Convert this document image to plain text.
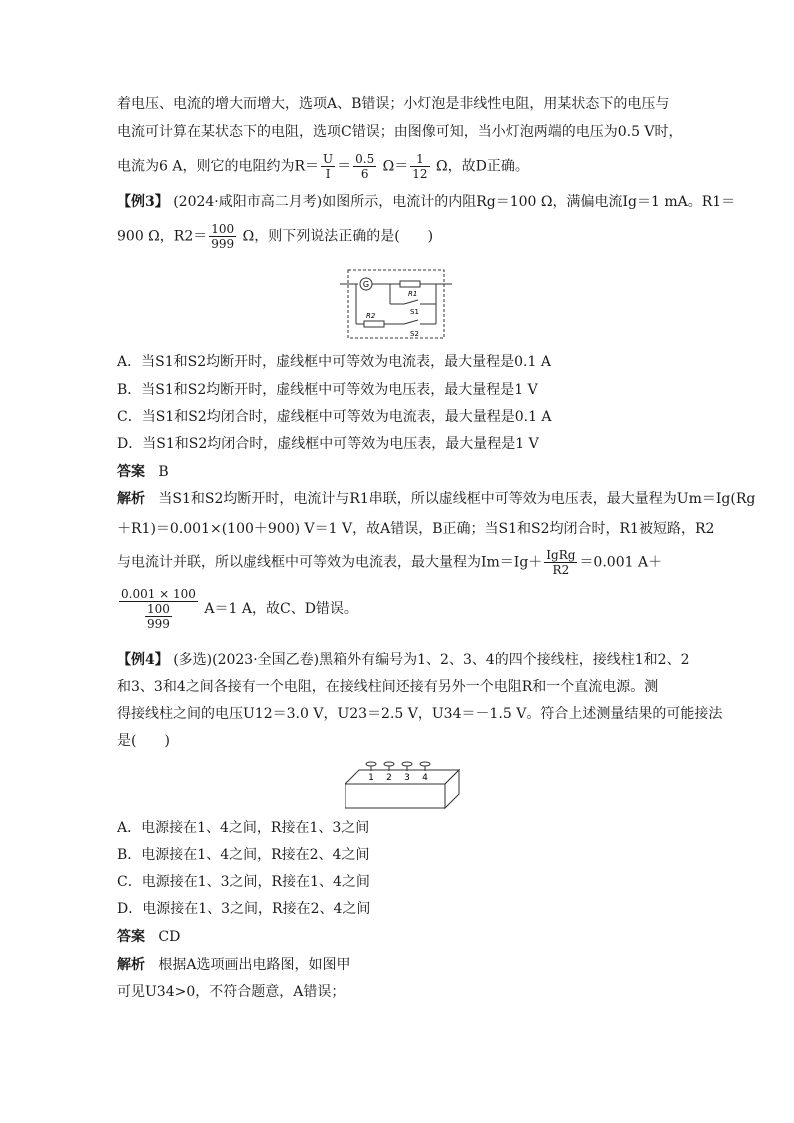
着电压、电流的增大而增大，选项A、B错误；小灯泡是非线性电阻，用某状态下的电压与
电流可计算在某状态下的电阻，选项C错误；由图像可知，当小灯泡两端的电压为0.5 V时，
电流为6 A，则它的电阻约为$R= \frac{U}{I} = \frac{0.5}{6} \Omega= \frac{1}{12}$ Ω，故D正确。
【例3】 (2024·咸阳市高二月考)如图所示，电流计的内阻Rg＝100 Ω，满偏电流Ig＝1 mA。R1＝
900 Ω，$R2= \frac{100}{999}$ Ω，则下列说法正确的是(　　)
G
R1
S1
R2
S2
A．当S1和S2均断开时，虚线框中可等效为电流表，最大量程是0.1 A
B．当S1和S2均断开时，虚线框中可等效为电压表，最大量程是1 V
C．当S1和S2均闭合时，虚线框中可等效为电流表，最大量程是0.1 A
D．当S1和S2均闭合时，虚线框中可等效为电压表，最大量程是1 V
答案 B
解析 当S1和S2均断开时，电流计与R1串联，所以虚线框中可等效为电压表，最大量程为Um＝Ig(Rg
＋R1)＝0.001×(100＋900) V＝1 V，故A错误，B正确；当S1和S2均闭合时，R1被短路，R2
与电流计并联，所以虚线框中可等效为电流表，最大量程为$Im=Ig+ \frac{\text{IgRg}}{R2} =0.001$ A＋
$\frac{0.001 \times 100}{\frac{100}{999}} A=1$ A，故C、D错误。
【例4】 (多选)(2023·全国乙卷)黑箱外有编号为1、2、3、4的四个接线柱，接线柱1和2、2
和3、3和4之间各接有一个电阻，在接线柱间还接有另外一个电阻R和一个直流电源。测
得接线柱之间的电压U12＝3.0 V，U23＝2.5 V，U34＝－1.5 V。符合上述测量结果的可能接法
是(　　)
1 2 3 4
A．电源接在1、4之间，R接在1、3之间
B．电源接在1、4之间，R接在2、4之间
C．电源接在1、3之间，R接在1、4之间
D．电源接在1、3之间，R接在2、4之间
答案 CD
解析 根据A选项画出电路图，如图甲
可见U34>0，不符合题意，A错误；
